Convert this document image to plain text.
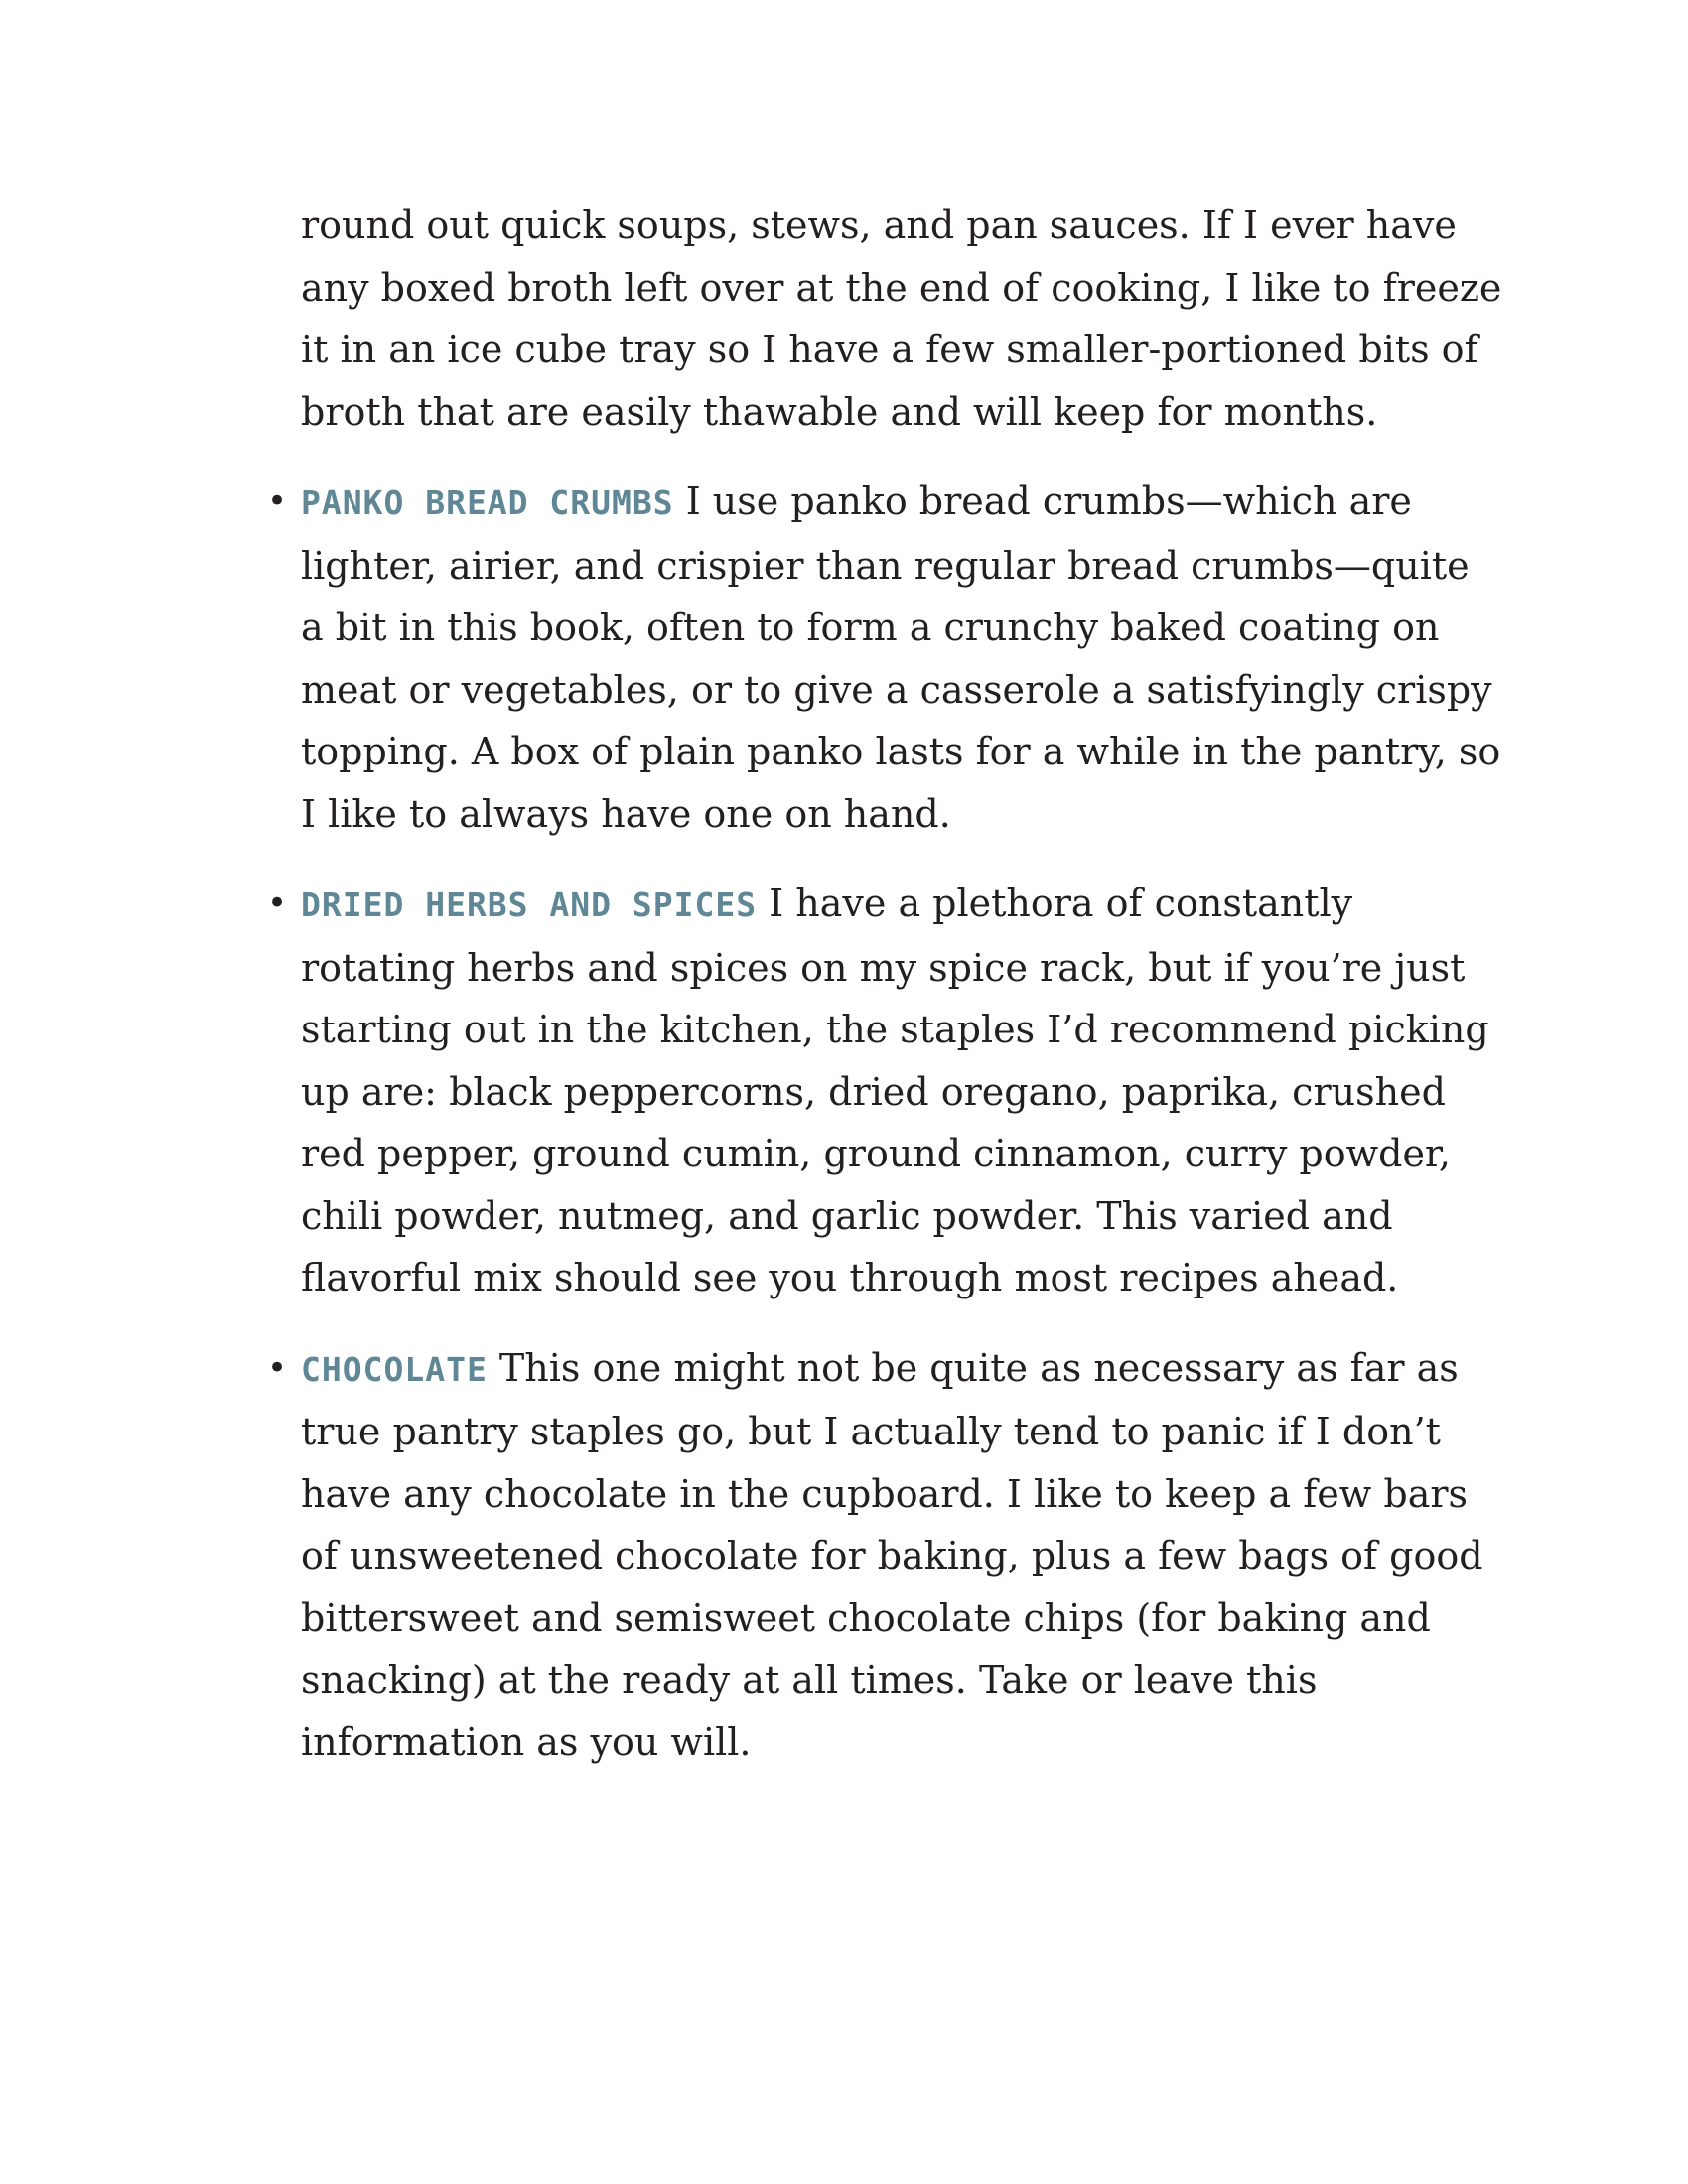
round out quick soups, stews, and pan sauces. If I ever have any boxed broth left over at the end of cooking, I like to freeze it in an ice cube tray so I have a few smaller-portioned bits of broth that are easily thawable and will keep for months.

• PANKO BREAD CRUMBS I use panko bread crumbs—which are lighter, airier, and crispier than regular bread crumbs—quite a bit in this book, often to form a crunchy baked coating on meat or vegetables, or to give a casserole a satisfyingly crispy topping. A box of plain panko lasts for a while in the pantry, so I like to always have one on hand.
• DRIED HERBS AND SPICES I have a plethora of constantly rotating herbs and spices on my spice rack, but if you’re just starting out in the kitchen, the staples I’d recommend picking up are: black peppercorns, dried oregano, paprika, crushed red pepper, ground cumin, ground cinnamon, curry powder, chili powder, nutmeg, and garlic powder. This varied and flavorful mix should see you through most recipes ahead.
• CHOCOLATE This one might not be quite as necessary as far as true pantry staples go, but I actually tend to panic if I don’t have any chocolate in the cupboard. I like to keep a few bars of unsweetened chocolate for baking, plus a few bags of good bittersweet and semisweet chocolate chips (for baking and snacking) at the ready at all times. Take or leave this information as you will.
